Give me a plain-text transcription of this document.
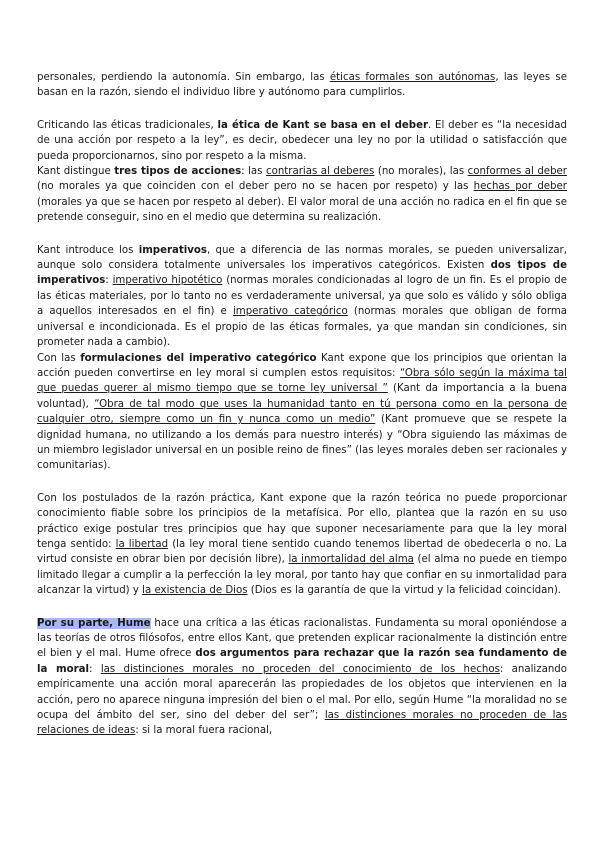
personales, perdiendo la autonomía. Sin embargo, las éticas formales son autónomas, las leyes se basan en la razón, siendo el individuo libre y autónomo para cumplirlos.

Criticando las éticas tradicionales, la ética de Kant se basa en el deber. El deber es “la necesidad de una acción por respeto a la ley”, es decir, obedecer una ley no por la utilidad o satisfacción que pueda proporcionarnos, sino por respeto a la misma.

Kant distingue tres tipos de acciones: las contrarias al deberes (no morales), las conformes al deber (no morales ya que coinciden con el deber pero no se hacen por respeto) y las hechas por deber (morales ya que se hacen por respeto al deber). El valor moral de una acción no radica en el fin que se pretende conseguir, sino en el medio que determina su realización.

Kant introduce los imperativos, que a diferencia de las normas morales, se pueden universalizar, aunque solo considera totalmente universales los imperativos categóricos. Existen dos tipos de imperativos: imperativo hipotético (normas morales condicionadas al logro de un fin. Es el propio de las éticas materiales, por lo tanto no es verdaderamente universal, ya que solo es válido y sólo obliga a aquellos interesados en el fin) e imperativo categórico (normas morales que obligan de forma universal e incondicionada. Es el propio de las éticas formales, ya que mandan sin condiciones, sin prometer nada a cambio).

Con las formulaciones del imperativo categórico Kant expone que los principios que orientan la acción pueden convertirse en ley moral si cumplen estos requisitos: “Obra sólo según la máxima tal que puedas querer al mismo tiempo que se torne ley universal ” (Kant da importancia a la buena voluntad), “Obra de tal modo que uses la humanidad tanto en tú persona como en la persona de cualquier otro, siempre como un fin y nunca como un medio” (Kant promueve que se respete la dignidad humana, no utilizando a los demás para nuestro interés) y “Obra siguiendo las máximas de un miembro legislador universal en un posible reino de fines” (las leyes morales deben ser racionales y comunitarias).

Con los postulados de la razón práctica, Kant expone que la razón teórica no puede proporcionar conocimiento fiable sobre los principios de la metafísica. Por ello, plantea que la razón en su uso práctico exige postular tres principios que hay que suponer necesariamente para que la ley moral tenga sentido: la libertad (la ley moral tiene sentido cuando tenemos libertad de obedecerla o no. La virtud consiste en obrar bien por decisión libre), la inmortalidad del alma (el alma no puede en tiempo limitado llegar a cumplir a la perfección la ley moral, por tanto hay que confiar en su inmortalidad para alcanzar la virtud) y la existencia de Dios (Dios es la garantía de que la virtud y la felicidad coincidan).

Por su parte, Hume hace una crítica a las éticas racionalistas. Fundamenta su moral oponiéndose a las teorías de otros filósofos, entre ellos Kant, que pretenden explicar racionalmente la distinción entre el bien y el mal. Hume ofrece dos argumentos para rechazar que la razón sea fundamento de la moral: las distinciones morales no proceden del conocimiento de los hechos: analizando empíricamente una acción moral aparecerán las propiedades de los objetos que intervienen en la acción, pero no aparece ninguna impresión del bien o el mal. Por ello, según Hume “la moralidad no se ocupa del ámbito del ser, sino del deber del ser”; las distinciones morales no proceden de las relaciones de ideas: si la moral fuera racional,
